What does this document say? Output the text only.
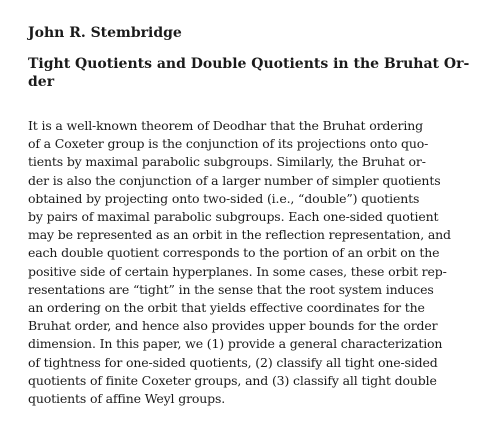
John R. Stembridge

Tight Quotients and Double Quotients in the Bruhat Or-
der
It is a well-known theorem of Deodhar that the Bruhat ordering
of a Coxeter group is the conjunction of its projections onto quo-
tients by maximal parabolic subgroups. Similarly, the Bruhat or-
der is also the conjunction of a larger number of simpler quotients
obtained by projecting onto two-sided (i.e., “double”) quotients
by pairs of maximal parabolic subgroups. Each one-sided quotient
may be represented as an orbit in the reflection representation, and
each double quotient corresponds to the portion of an orbit on the
positive side of certain hyperplanes. In some cases, these orbit rep-
resentations are “tight” in the sense that the root system induces
an ordering on the orbit that yields effective coordinates for the
Bruhat order, and hence also provides upper bounds for the order
dimension. In this paper, we (1) provide a general characterization
of tightness for one-sided quotients, (2) classify all tight one-sided
quotients of finite Coxeter groups, and (3) classify all tight double
quotients of affine Weyl groups.
